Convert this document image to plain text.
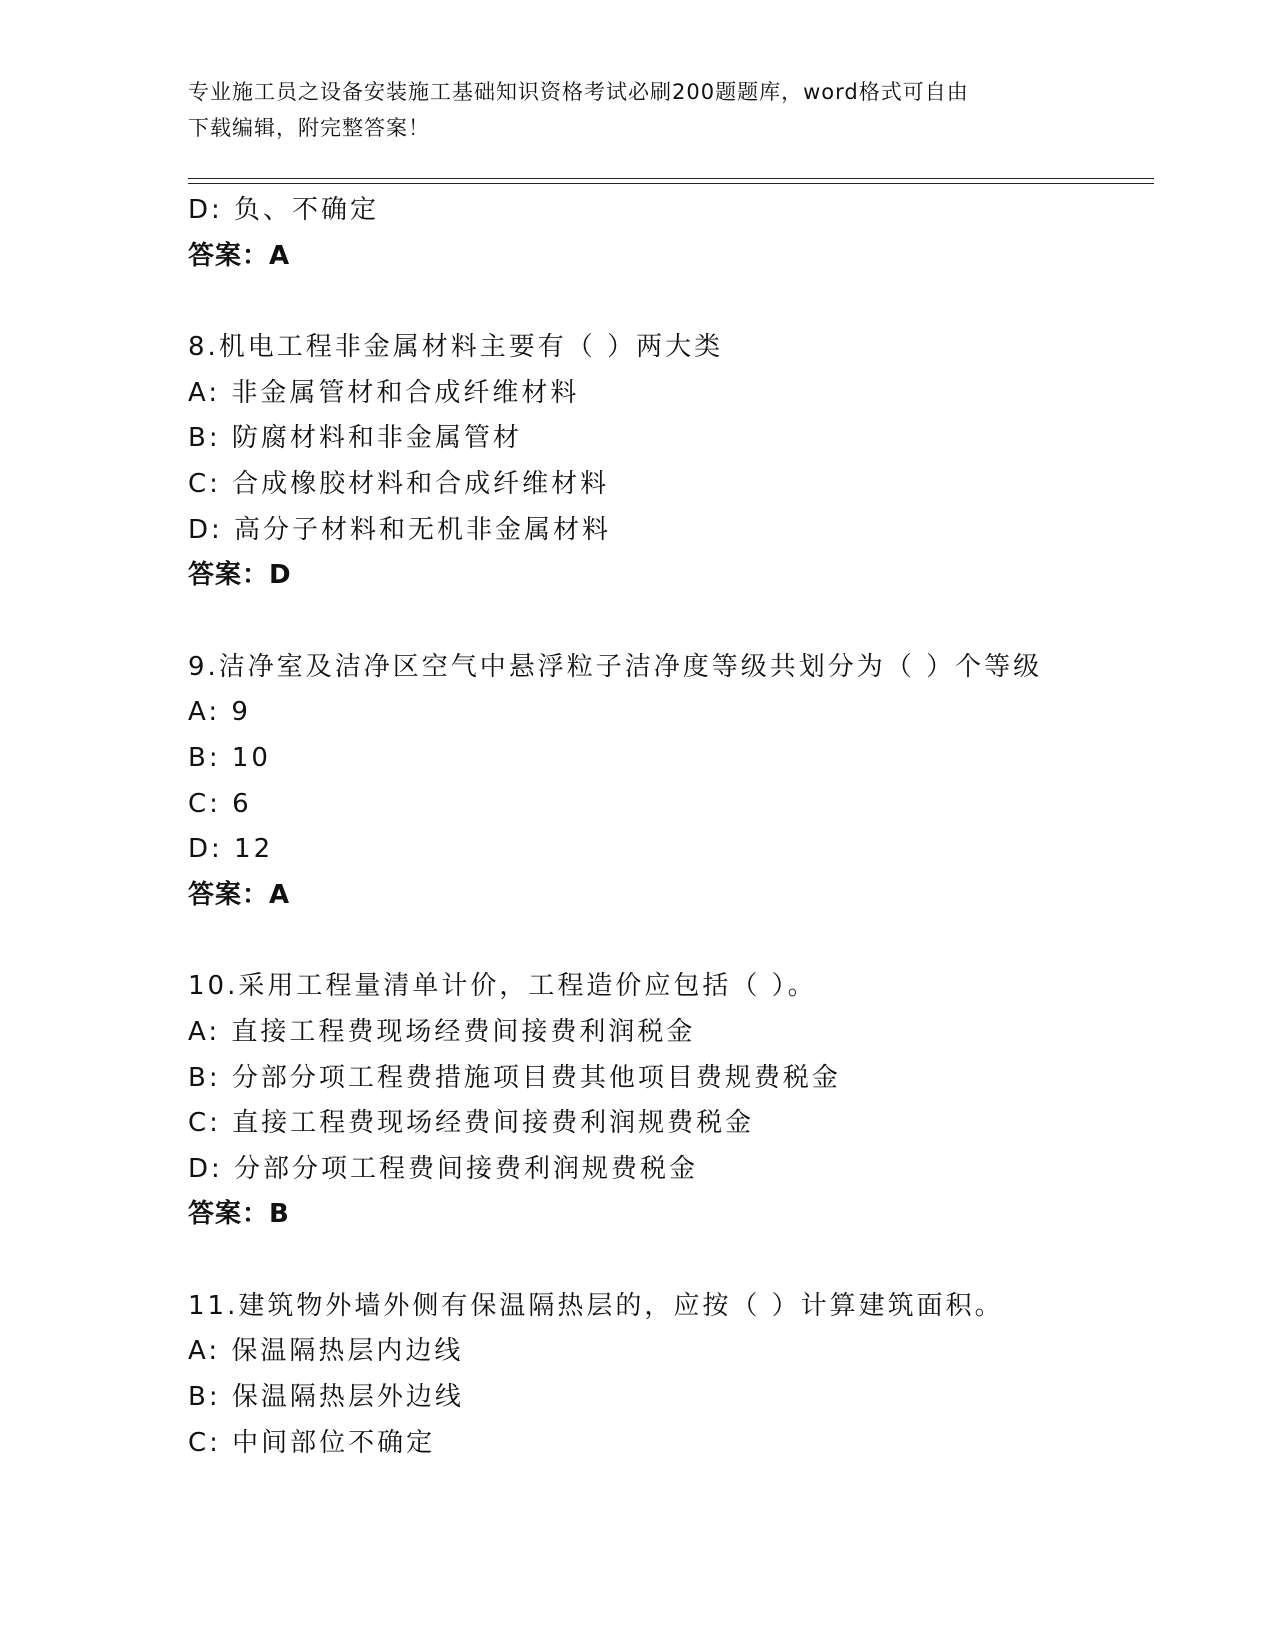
专业施工员之设备安装施工基础知识资格考试必刷200题题库，word格式可自由
下载编辑，附完整答案！
D: 负、不确定
答案：A
8.机电工程非金属材料主要有（ ）两大类
A: 非金属管材和合成纤维材料
B: 防腐材料和非金属管材
C: 合成橡胶材料和合成纤维材料
D: 高分子材料和无机非金属材料
答案：D
9.洁净室及洁净区空气中悬浮粒子洁净度等级共划分为（ ）个等级
A: 9
B: 10
C: 6
D: 12
答案：A
10.采用工程量清单计价，工程造价应包括（ ）。
A: 直接工程费现场经费间接费利润税金
B: 分部分项工程费措施项目费其他项目费规费税金
C: 直接工程费现场经费间接费利润规费税金
D: 分部分项工程费间接费利润规费税金
答案：B
11.建筑物外墙外侧有保温隔热层的，应按（ ）计算建筑面积。
A: 保温隔热层内边线
B: 保温隔热层外边线
C: 中间部位不确定
